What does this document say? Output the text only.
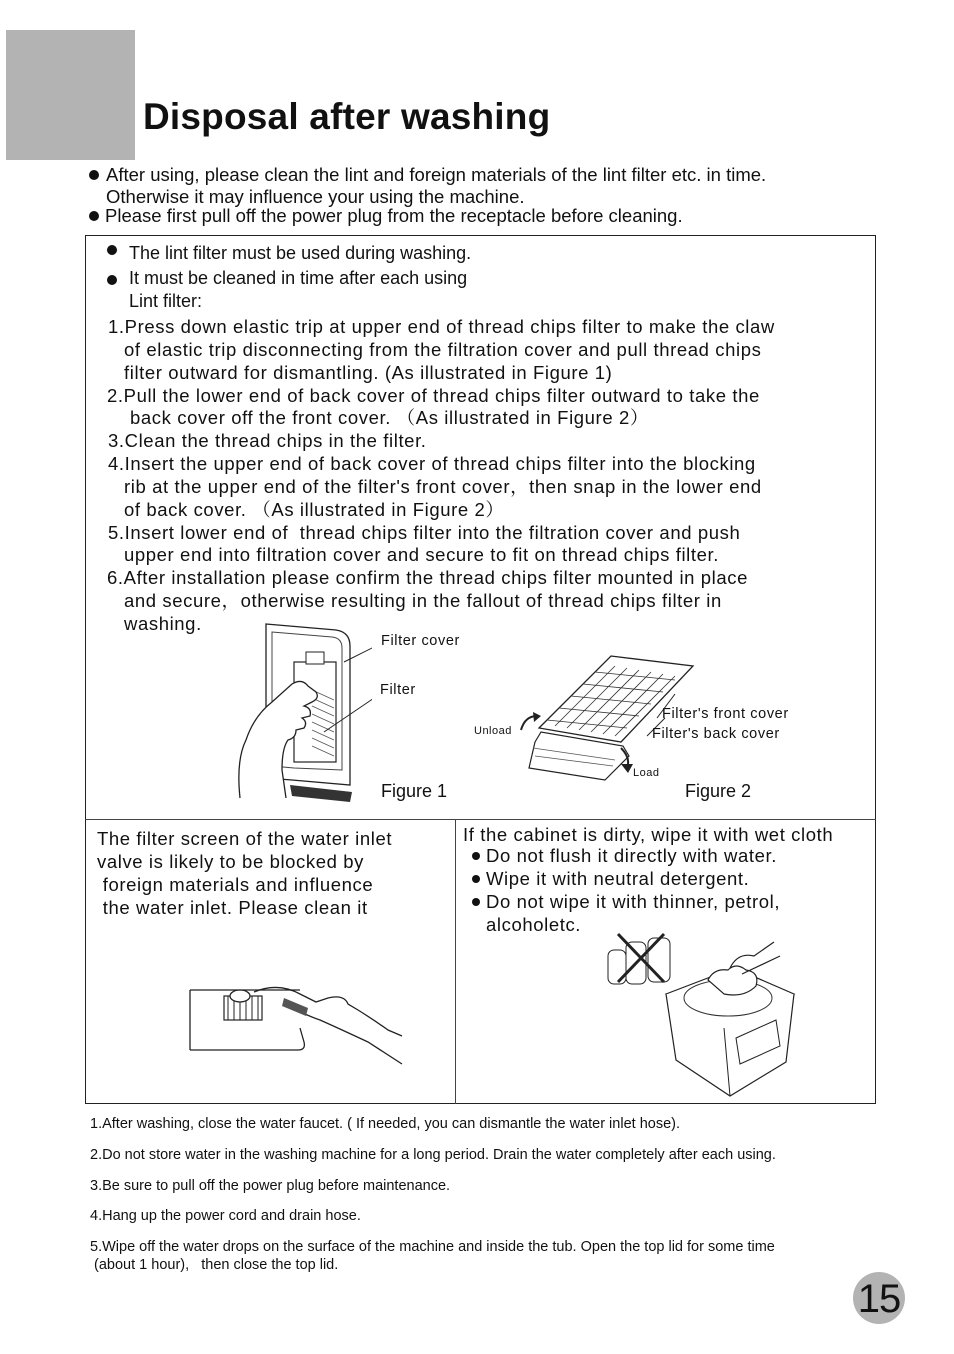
Disposal after washing
After using, please clean the lint and foreign materials of the lint filter etc. in time.
Otherwise it may influence your using the machine.
Please first pull off the power plug from the receptacle before cleaning.
The lint filter must be used during washing.
It must be cleaned in time after each using
Lint filter:
1.Press down elastic trip at upper end of thread chips filter to make the claw
of elastic trip disconnecting from the filtration cover and pull thread chips
filter outward for dismantling. (As illustrated in Figure 1)
2.Pull the lower end of back cover of thread chips filter outward to take the
back cover off the front cover. （As illustrated in Figure 2）
3.Clean the thread chips in the filter.
4.Insert the upper end of back cover of thread chips filter into the blocking
rib at the upper end of the filter's front cover，then snap in the lower end
of back cover. （As illustrated in Figure 2）
5.Insert lower end of  thread chips filter into the filtration cover and push
upper end into filtration cover and secure to fit on thread chips filter.
6.After installation please confirm the thread chips filter mounted in place
and secure，otherwise resulting in the fallout of thread chips filter in
washing.
Filter cover
Filter
Figure 1
Filter's front cover
Filter's back cover
Unload
Load
Figure 2
The filter screen of the water inlet
valve is likely to be blocked by
foreign materials and influence
the water inlet. Please clean it
If the cabinet is dirty, wipe it with wet cloth
Do not flush it directly with water.
Wipe it with neutral detergent.
Do not wipe it with thinner, petrol,
alcoholetc.
1.After washing, close the water faucet. ( If needed, you can dismantle the water inlet hose).
2.Do not store water in the washing machine for a long period. Drain the water completely after each using.
3.Be sure to pull off the power plug before maintenance.
4.Hang up the power cord and drain hose.
5.Wipe off the water drops on the surface of the machine and inside the tub. Open the top lid for some time
(about 1 hour),   then close the top lid.
15
